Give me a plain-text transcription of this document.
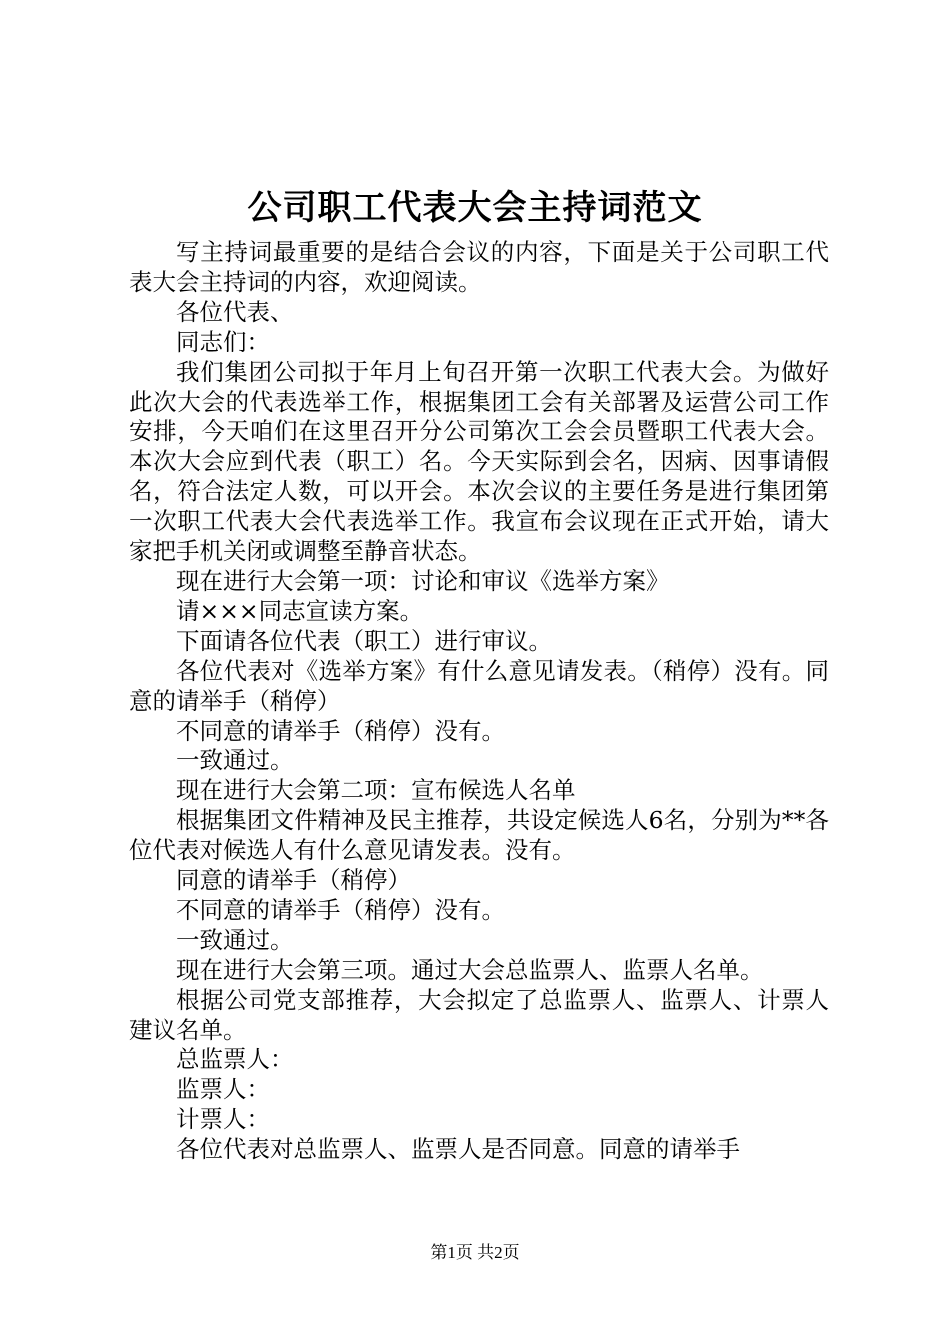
公司职工代表大会主持词范文

写主持词最重要的是结合会议的内容，下面是关于公司职工代表大会主持词的内容，欢迎阅读。

各位代表、

同志们：

我们集团公司拟于年月上旬召开第一次职工代表大会。为做好此次大会的代表选举工作，根据集团工会有关部署及运营公司工作安排，今天咱们在这里召开分公司第次工会会员暨职工代表大会。本次大会应到代表（职工）名。今天实际到会名，因病、因事请假名，符合法定人数，可以开会。本次会议的主要任务是进行集团第一次职工代表大会代表选举工作。我宣布会议现在正式开始，请大家把手机关闭或调整至静音状态。

现在进行大会第一项：讨论和审议《选举方案》

请×××同志宣读方案。

下面请各位代表（职工）进行审议。

各位代表对《选举方案》有什么意见请发表。（稍停）没有。同意的请举手（稍停）

不同意的请举手（稍停）没有。

一致通过。

现在进行大会第二项：宣布候选人名单

根据集团文件精神及民主推荐，共设定候选人6名，分别为**各位代表对候选人有什么意见请发表。没有。

同意的请举手（稍停）

不同意的请举手（稍停）没有。

一致通过。

现在进行大会第三项。通过大会总监票人、监票人名单。

根据公司党支部推荐，大会拟定了总监票人、监票人、计票人建议名单。

总监票人：

监票人：

计票人：

各位代表对总监票人、监票人是否同意。同意的请举手

第1页 共2页
